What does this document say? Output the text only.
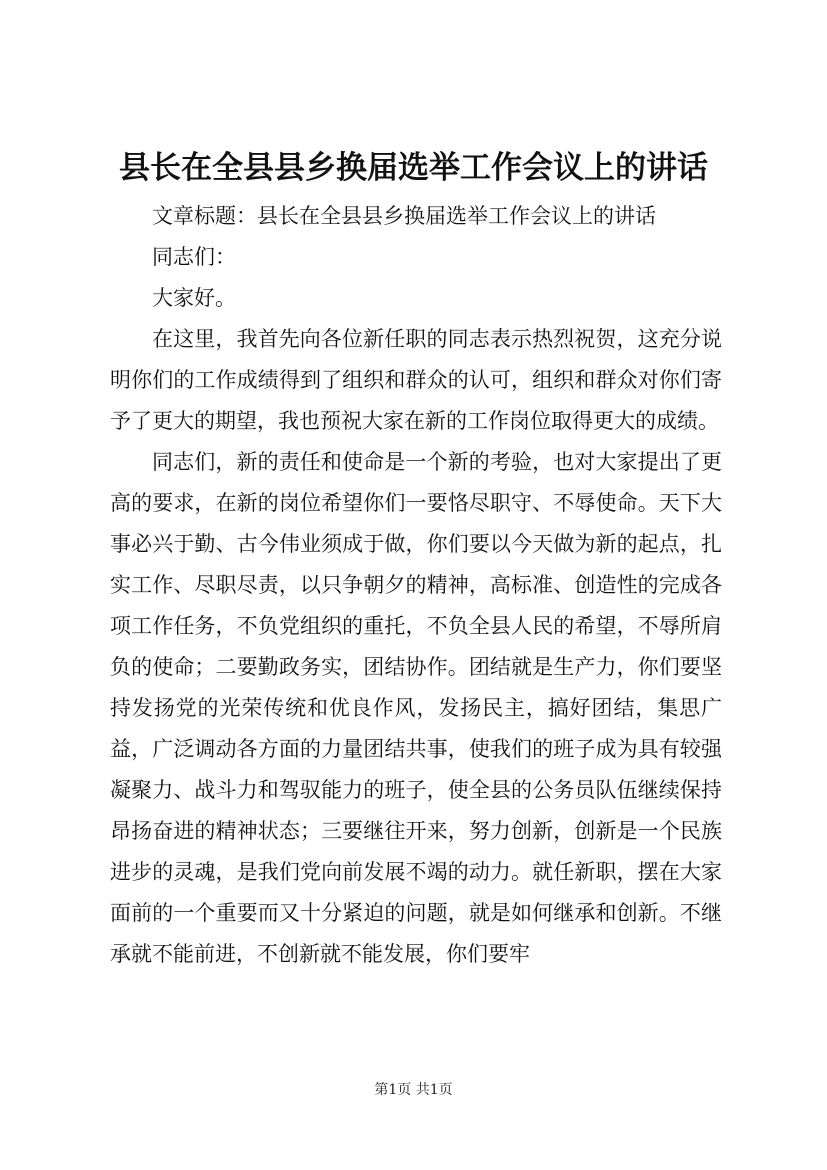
县长在全县县乡换届选举工作会议上的讲话

文章标题：县长在全县县乡换届选举工作会议上的讲话

同志们：

大家好。

在这里，我首先向各位新任职的同志表示热烈祝贺，这充分说明你们的工作成绩得到了组织和群众的认可，组织和群众对你们寄予了更大的期望，我也预祝大家在新的工作岗位取得更大的成绩。

同志们，新的责任和使命是一个新的考验，也对大家提出了更高的要求，在新的岗位希望你们一要恪尽职守、不辱使命。天下大事必兴于勤、古今伟业须成于做，你们要以今天做为新的起点，扎实工作、尽职尽责，以只争朝夕的精神，高标准、创造性的完成各项工作任务，不负党组织的重托，不负全县人民的希望，不辱所肩负的使命；二要勤政务实，团结协作。团结就是生产力，你们要坚持发扬党的光荣传统和优良作风，发扬民主，搞好团结，集思广益，广泛调动各方面的力量团结共事，使我们的班子成为具有较强凝聚力、战斗力和驾驭能力的班子，使全县的公务员队伍继续保持昂扬奋进的精神状态；三要继往开来，努力创新，创新是一个民族进步的灵魂，是我们党向前发展不竭的动力。就任新职，摆在大家面前的一个重要而又十分紧迫的问题，就是如何继承和创新。不继承就不能前进，不创新就不能发展，你们要牢

第1页 共1页
